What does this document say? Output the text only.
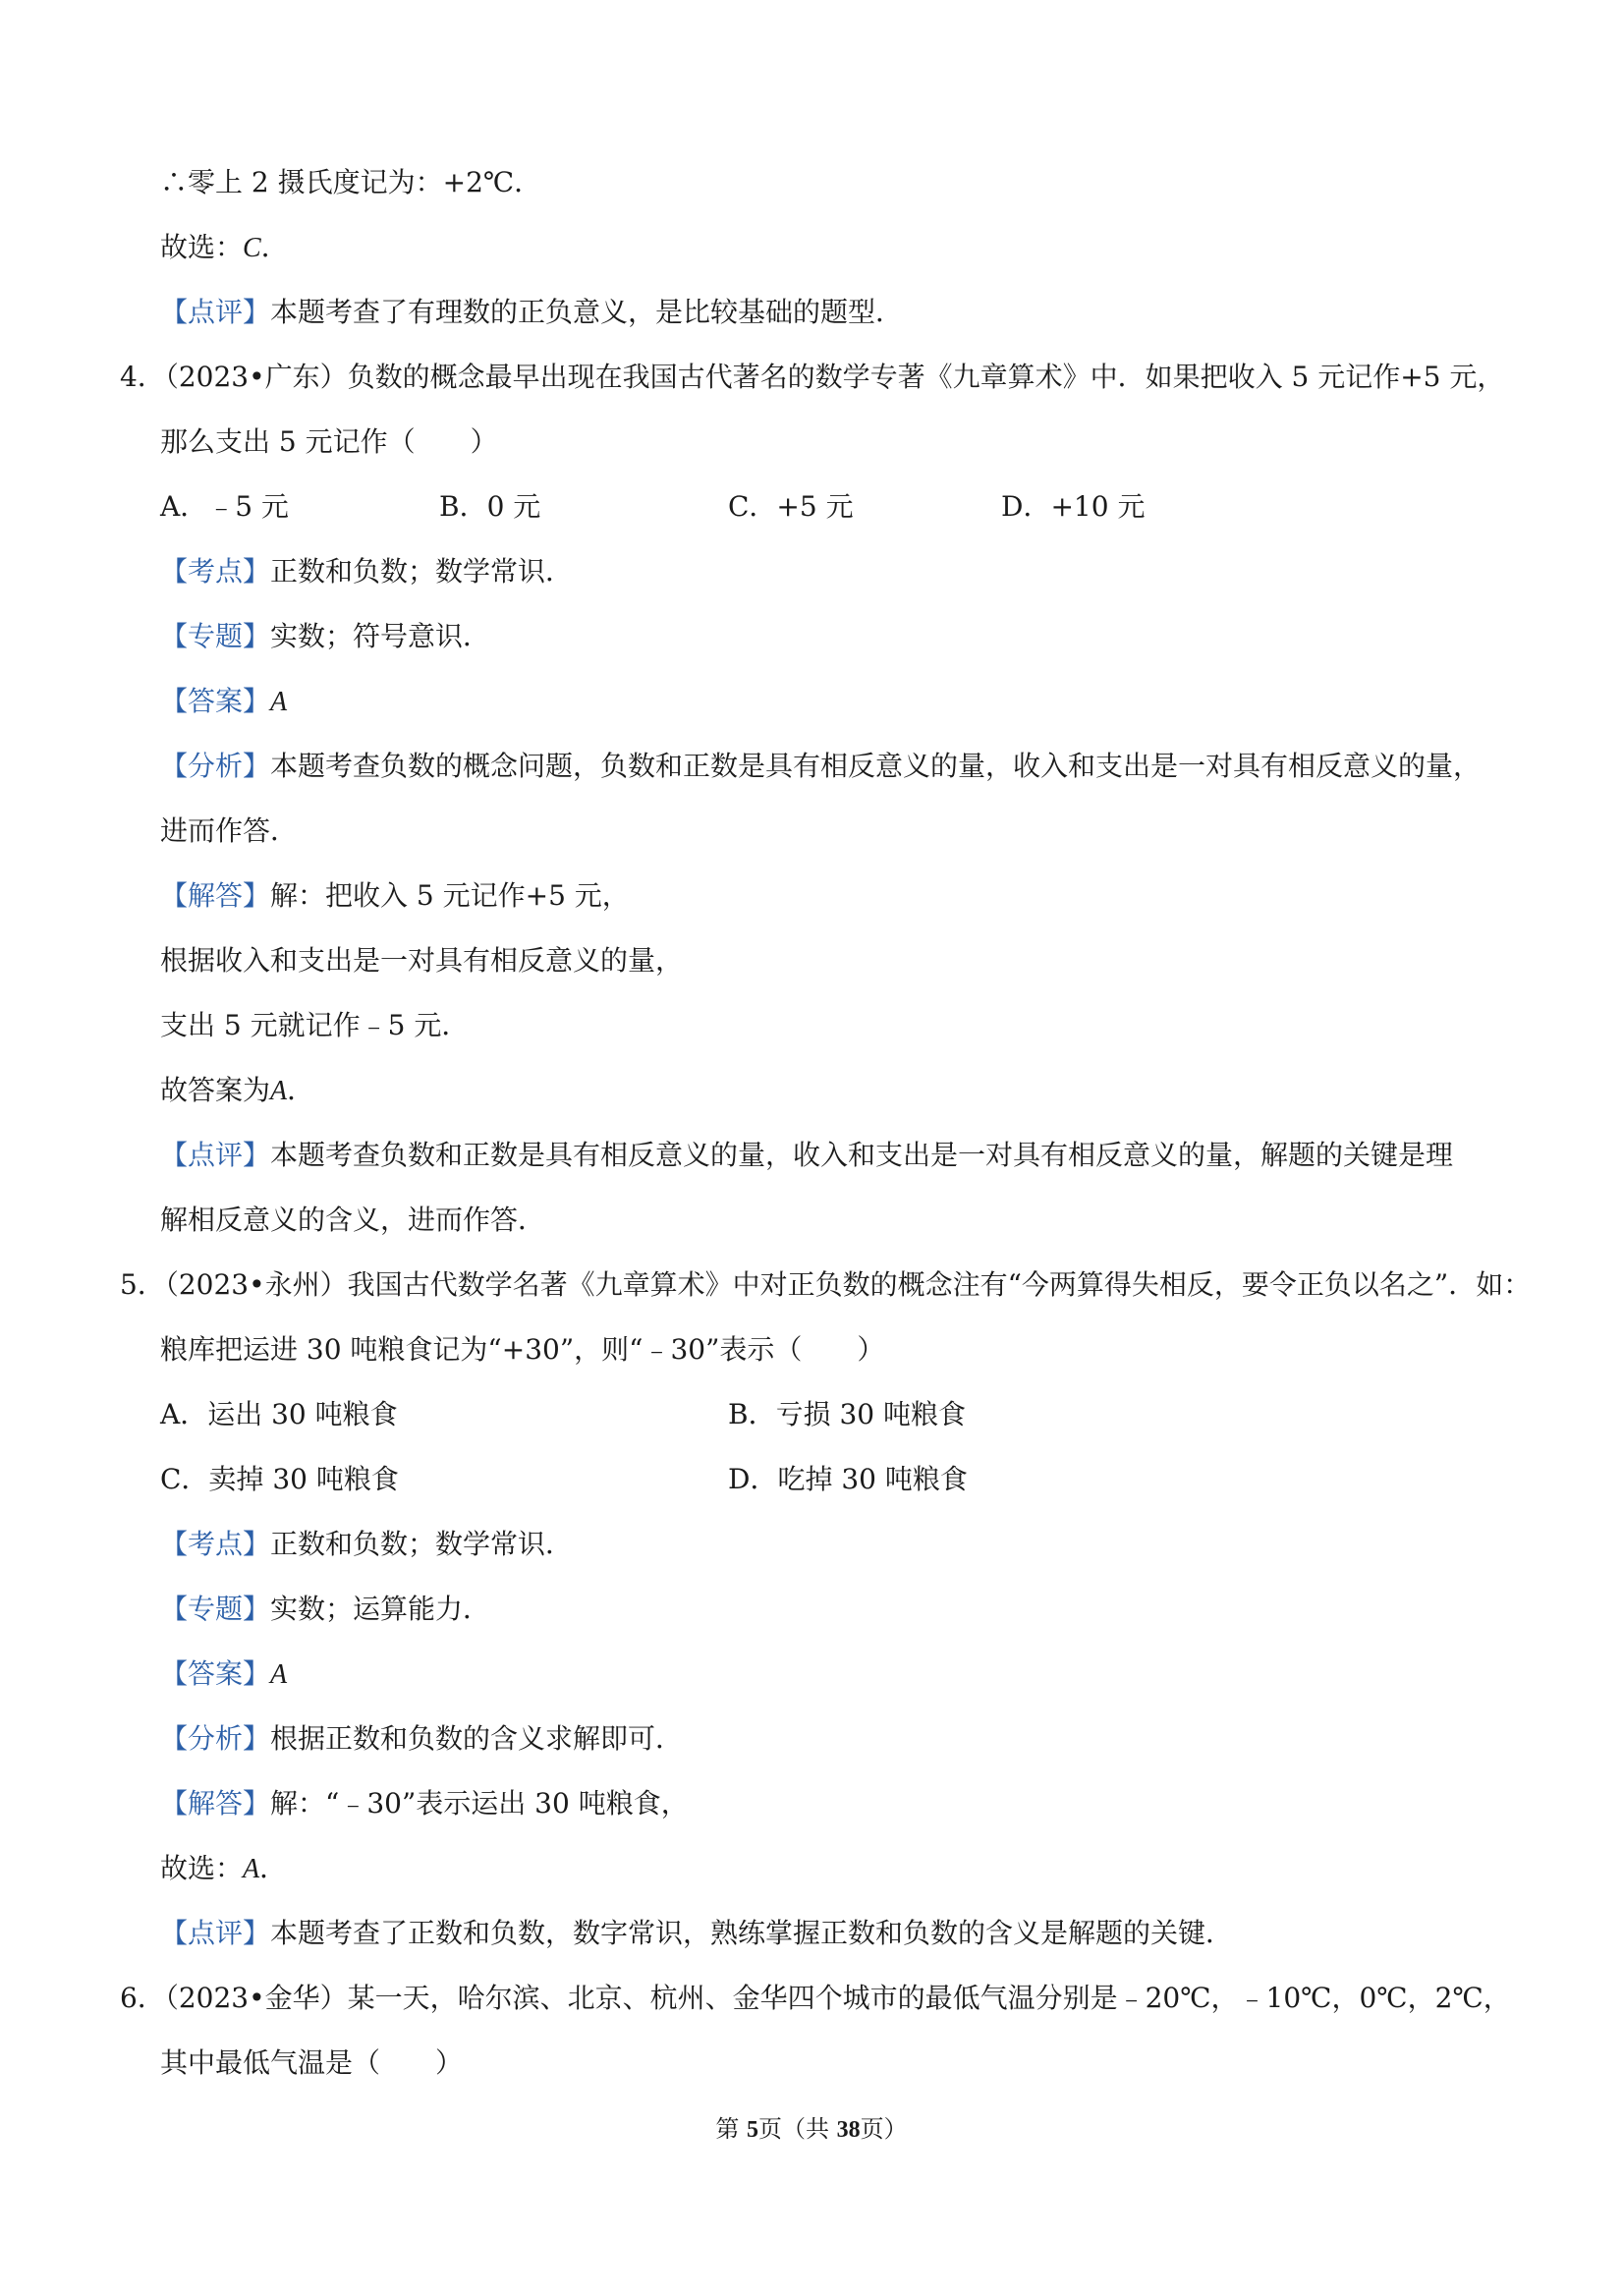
∴零上 2 摄氏度记为：+2℃．
故选：C．
【点评】本题考查了有理数的正负意义，是比较基础的题型．
4．（2023•广东）负数的概念最早出现在我国古代著名的数学专著《九章算术》中．如果把收入 5 元记作+5 元，
那么支出 5 元记作（　　）
A．﹣5 元	B．0 元	C．+5 元	D．+10 元
【考点】正数和负数；数学常识．
【专题】实数；符号意识．
【答案】A
【分析】本题考查负数的概念问题，负数和正数是具有相反意义的量，收入和支出是一对具有相反意义的量，
进而作答．
【解答】解：把收入 5 元记作+5 元，
根据收入和支出是一对具有相反意义的量，
支出 5 元就记作﹣5 元．
故答案为A．
【点评】本题考查负数和正数是具有相反意义的量，收入和支出是一对具有相反意义的量，解题的关键是理
解相反意义的含义，进而作答．
5．（2023•永州）我国古代数学名著《九章算术》中对正负数的概念注有“今两算得失相反，要令正负以名之”．如：
粮库把运进 30 吨粮食记为“+30”，则“﹣30”表示（　　）
A．运出 30 吨粮食	B．亏损 30 吨粮食
C．卖掉 30 吨粮食	D．吃掉 30 吨粮食
【考点】正数和负数；数学常识．
【专题】实数；运算能力．
【答案】A
【分析】根据正数和负数的含义求解即可．
【解答】解：“﹣30”表示运出 30 吨粮食，
故选：A．
【点评】本题考查了正数和负数，数字常识，熟练掌握正数和负数的含义是解题的关键．
6．（2023•金华）某一天，哈尔滨、北京、杭州、金华四个城市的最低气温分别是﹣20℃，﹣10℃，0℃，2℃，
其中最低气温是（　　）
第 5页（共 38页）
